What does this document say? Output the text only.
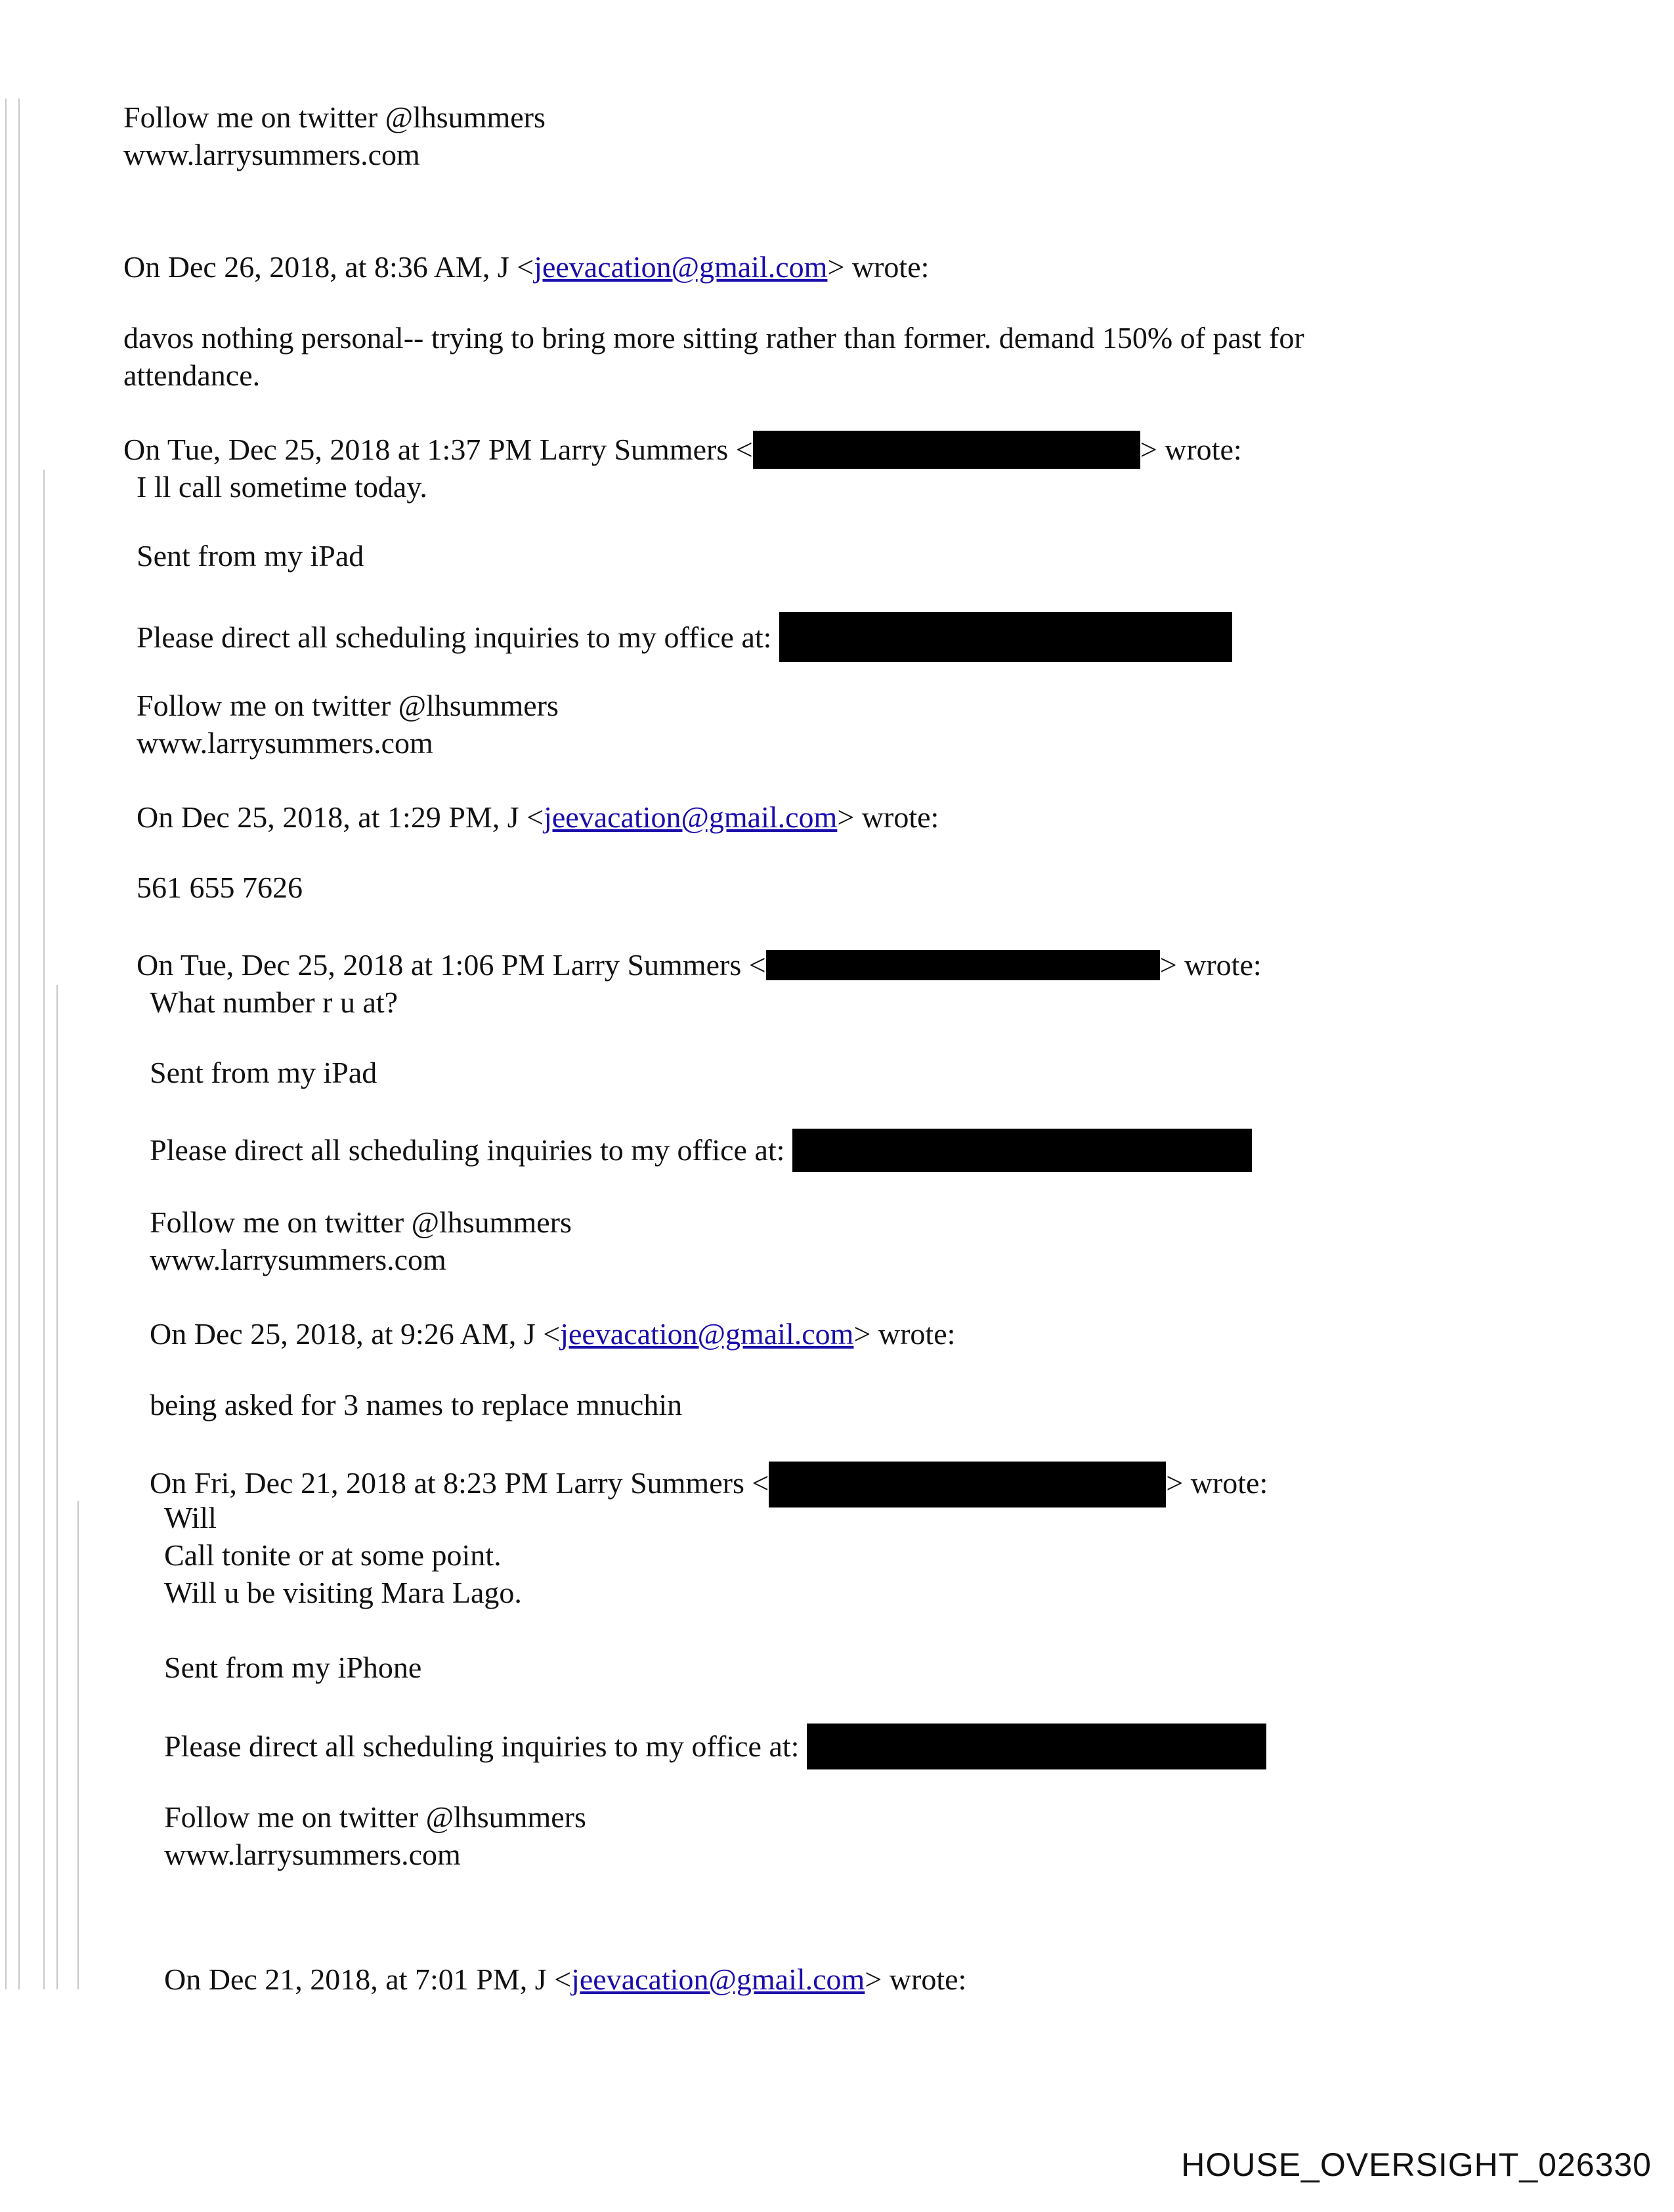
Follow me on twitter @lhsummers

www.larrysummers.com

On Dec 26, 2018, at 8:36 AM, J <jeevacation@gmail.com> wrote:

davos nothing personal-- trying to bring more sitting rather than former. demand 150% of past for

attendance.

On Tue, Dec 25, 2018 at 1:37 PM Larry Summers <	> wrote:

I ll call sometime today.

Sent from my iPad

Please direct all scheduling inquiries to my office at:

Follow me on twitter @lhsummers

www.larrysummers.com

On Dec 25, 2018, at 1:29 PM, J <jeevacation@gmail.com> wrote:

561 655 7626

On Tue, Dec 25, 2018 at 1:06 PM Larry Summers <	> wrote:

What number r u at?

Sent from my iPad

Please direct all scheduling inquiries to my office at:

Follow me on twitter @lhsummers

www.larrysummers.com

On Dec 25, 2018, at 9:26 AM, J <jeevacation@gmail.com> wrote:

being asked for 3 names to replace mnuchin

On Fri, Dec 21, 2018 at 8:23 PM Larry Summers <	> wrote:

Will

Call tonite or at some point.

Will u be visiting Mara Lago.

Sent from my iPhone

Please direct all scheduling inquiries to my office at:

Follow me on twitter @lhsummers

www.larrysummers.com

On Dec 21, 2018, at 7:01 PM, J <jeevacation@gmail.com> wrote:

HOUSE_OVERSIGHT_026330
